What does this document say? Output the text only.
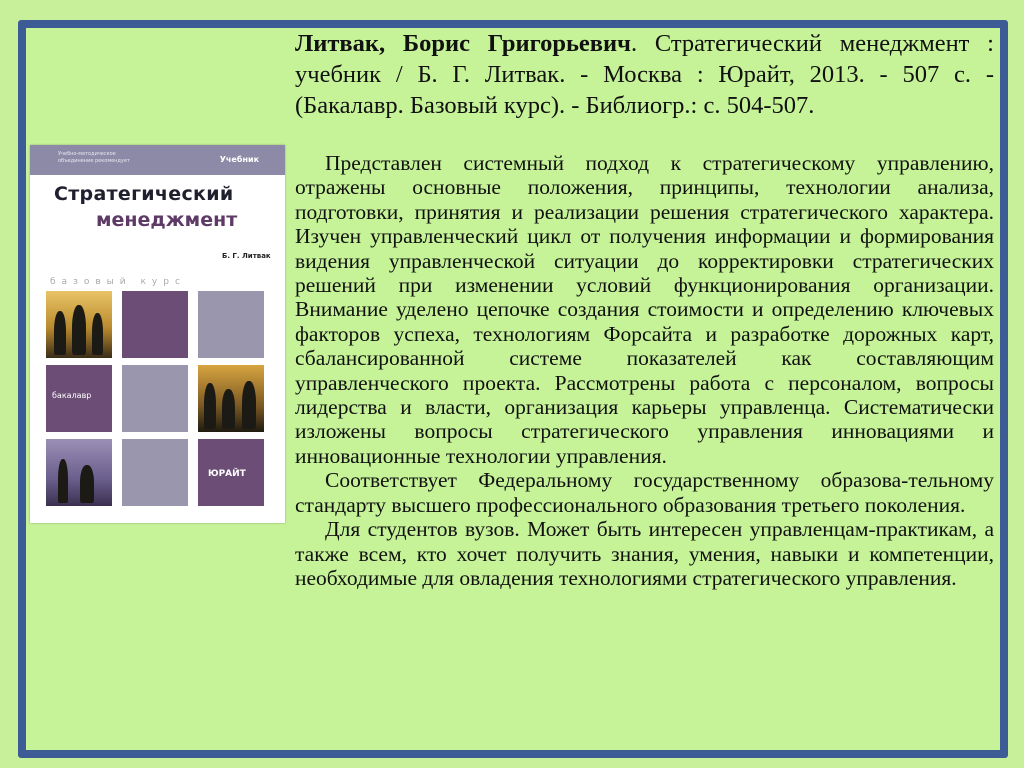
Учебно-методическое объединение рекомендует	Учебник
Стратегический
менеджмент
Б. Г. Литвак
базовый курс
бакалавр
ЮРАЙТ
Литвак, Борис Григорьевич. Стратегический менеджмент : учебник / Б. Г. Литвак. - Москва : Юрайт, 2013. - 507 с. - (Бакалавр. Базовый курс). - Библиогр.: с. 504-507.

Представлен системный подход к стратегическому управлению, отражены основные положения, принципы, технологии анализа, подготовки, принятия и реализации решения стратегического характера. Изучен управленческий цикл от получения информации и формирования видения управленческой ситуации до корректировки стратегических решений при изменении условий функционирования организации. Внимание уделено цепочке создания стоимости и определению ключевых факторов успеха, технологиям Форсайта и разработке дорожных карт, сбалансированной системе показателей как составляющим управленческого проекта. Рассмотрены работа с персоналом, вопросы лидерства и власти, организация карьеры управленца. Систематически изложены вопросы стратегического управления инновациями и инновационные технологии управления.

Соответствует Федеральному государственному образова-тельному стандарту высшего профессионального образования третьего поколения.

Для студентов вузов. Может быть интересен управленцам-практикам, а также всем, кто хочет получить знания, умения, навыки и компетенции, необходимые для овладения технологиями стратегического управления.
